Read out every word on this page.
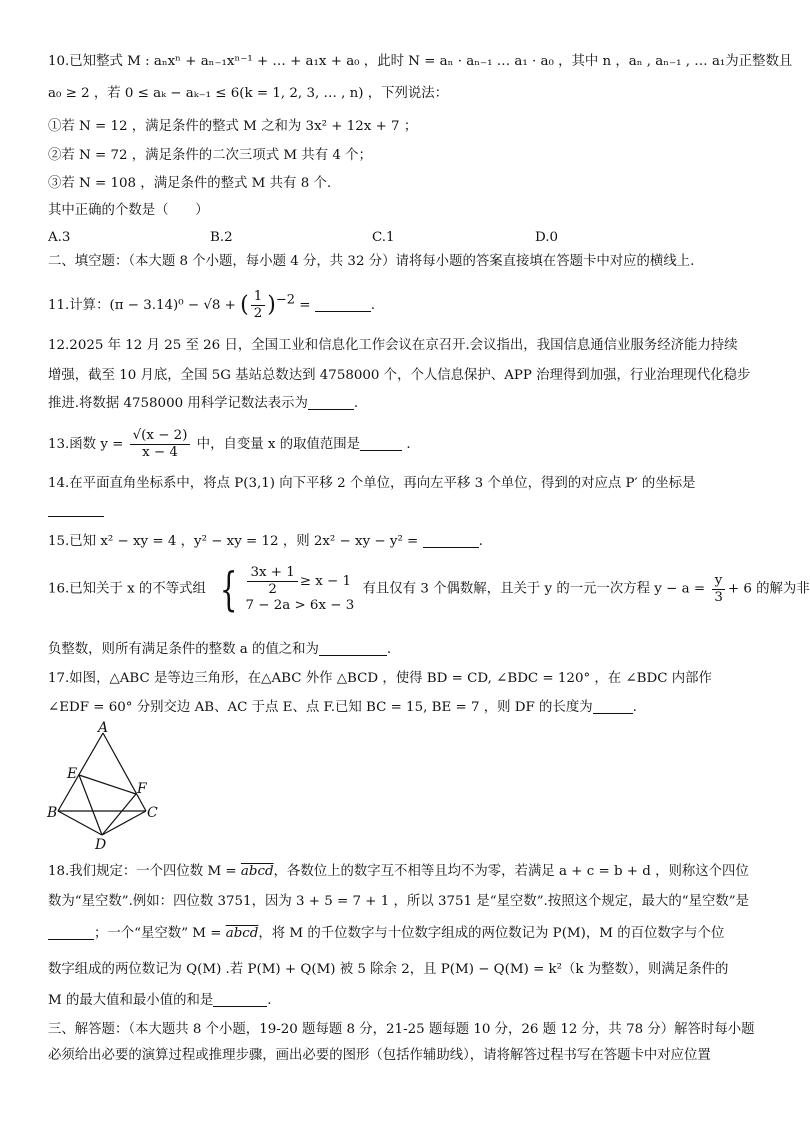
10.已知整式 M : aₙxⁿ + aₙ₋₁xⁿ⁻¹ + … + a₁x + a₀ ，此时 N = aₙ · aₙ₋₁ … a₁ · a₀ ，其中 n ，aₙ , aₙ₋₁ , … a₁为正整数且
a₀ ≥ 2 ，若 0 ≤ aₖ − aₖ₋₁ ≤ 6(k = 1, 2, 3, … , n) ，下列说法：
①若 N = 12 ，满足条件的整式 M 之和为 3x² + 12x + 7 ；
②若 N = 72 ，满足条件的二次三项式 M 共有 4 个；
③若 N = 108 ，满足条件的整式 M 共有 8 个.
其中正确的个数是（　　）
A.3	B.2	C.1	D.0
二、填空题：（本大题 8 个小题，每小题 4 分，共 32 分）请将每小题的答案直接填在答题卡中对应的横线上.
11.计算：(π − 3.14)⁰ − √8 + ( $\frac{1}{2} )^{-2}$ =	.
12.2025 年 12 月 25 至 26 日，全国工业和信息化工作会议在京召开.会议指出，我国信息通信业服务经济能力持续
增强，截至 10 月底，全国 5G 基站总数达到 4758000 个，个人信息保护、APP 治理得到加强，行业治理现代化稳步
推进.将数据 4758000 用科学记数法表示为	.
13.函数 $y = \frac{√(x - 2)}{x - 4}$ 中，自变量 x 的取值范围是	.
14.在平面直角坐标系中，将点 P(3,1) 向下平移 2 个单位，再向左平移 3 个单位，得到的对应点 P′ 的坐标是
15.已知 x² − xy = 4 ，y² − xy = 12 ，则 2x² − xy − y² =	.
16.已知关于 x 的不等式组 { $\frac{3x + 1}{2} \ge x - 1$
7 − 2a > 6x − 3
有且仅有 3 个偶数解，且关于 y 的一元一次方程 $y - a = \frac{y}{3} + 6$ 的解为非
负整数，则所有满足条件的整数 a 的值之和为	.
17.如图，△ABC 是等边三角形，在△ABC 外作 △BCD ，使得 BD = CD, ∠BDC = 120° ，在 ∠BDC 内部作
∠EDF = 60° 分别交边 AB、AC 于点 E、点 F.已知 BC = 15, BE = 7 ，则 DF 的长度为	.
A
B	C
D
E
F
18.我们规定：一个四位数 M = abcd，各数位上的数字互不相等且均不为零，若满足 a + c = b + d ，则称这个四位
数为“星空数”.例如：四位数 3751，因为 3 + 5 = 7 + 1 ，所以 3751 是“星空数”.按照这个规定，最大的“星空数”是
；一个“星空数” M = abcd，将 M 的千位数字与十位数字组成的两位数记为 P(M)，M 的百位数字与个位
数字组成的两位数记为 Q(M) .若 P(M) + Q(M) 被 5 除余 2，且 P(M) − Q(M) = k²（k 为整数），则满足条件的
M 的最大值和最小值的和是	.
三、解答题：（本大题共 8 个小题，19-20 题每题 8 分，21-25 题每题 10 分，26 题 12 分，共 78 分）解答时每小题
必须给出必要的演算过程或推理步骤，画出必要的图形（包括作辅助线），请将解答过程书写在答题卡中对应位置
